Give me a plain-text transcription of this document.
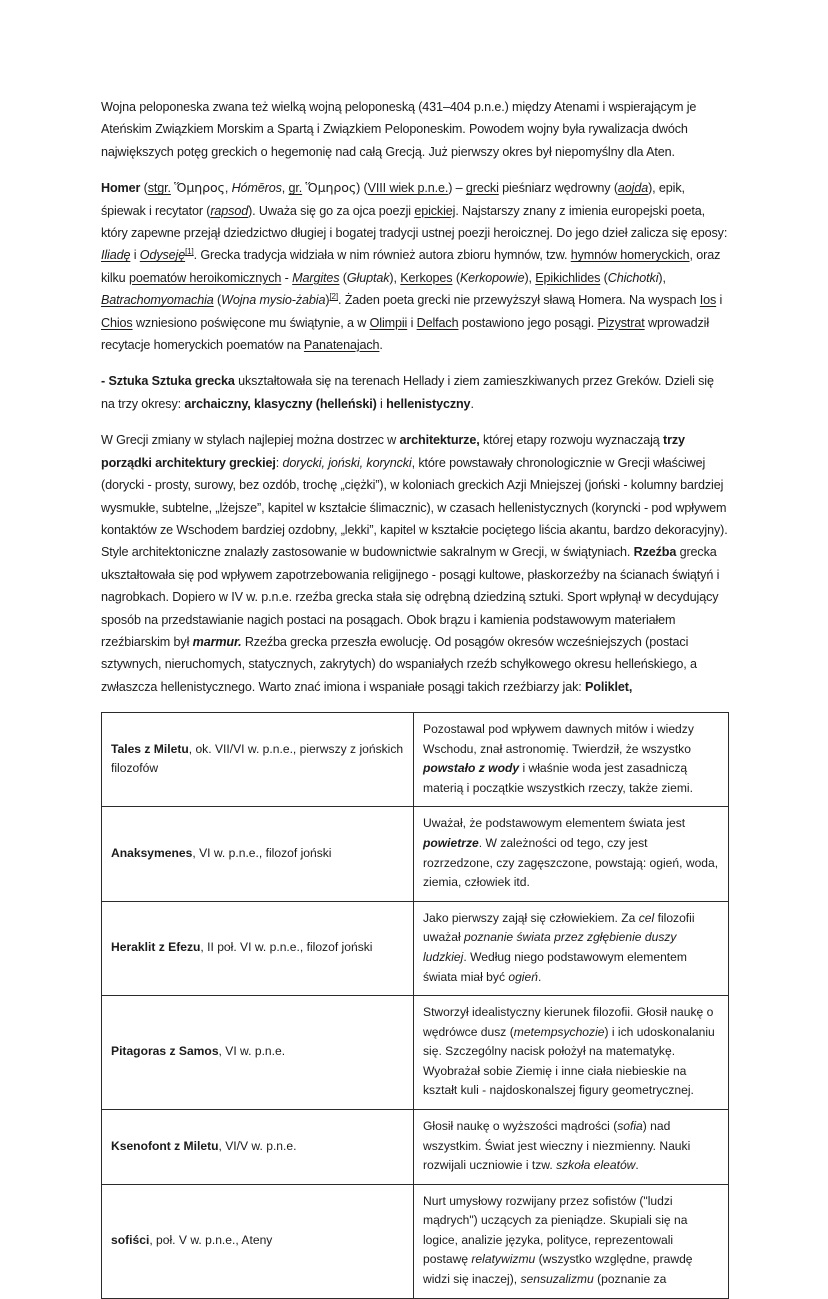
Wojna peloponeska zwana też wielką wojną peloponeską (431–404 p.n.e.) między Atenami i wspierającym je Ateńskim Związkiem Morskim a Spartą i Związkiem Peloponeskim. Powodem wojny była rywalizacja dwóch największych potęg greckich o hegemonię nad całą Grecją. Już pierwszy okres był niepomyślny dla Aten.

Homer (stgr. Ὅμηρος, Hómēros, gr. Ὅμηρος) (VIII wiek p.n.e.) – grecki pieśniarz wędrowny (aojda), epik, śpiewak i recytator (rapsod). Uważa się go za ojca poezji epickiej. Najstarszy znany z imienia europejski poeta, który zapewne przejął dziedzictwo długiej i bogatej tradycji ustnej poezji heroicznej. Do jego dzieł zalicza się eposy: Iliadę i Odyseję[1]. Grecka tradycja widziała w nim również autora zbioru hymnów, tzw. hymnów homeryckich, oraz kilku poematów heroikomicznych - Margites (Głuptak), Kerkopes (Kerkopowie), Epikichlides (Chichotki), Batrachomyomachia (Wojna mysio-żabia)[2]. Żaden poeta grecki nie przewyższył sławą Homera. Na wyspach Ios i Chios wzniesiono poświęcone mu świątynie, a w Olimpii i Delfach postawiono jego posągi. Pizystrat wprowadził recytacje homeryckich poematów na Panatenajach.

- Sztuka Sztuka grecka ukształtowała się na terenach Hellady i ziem zamieszkiwanych przez Greków. Dzieli się na trzy okresy: archaiczny, klasyczny (helleński) i hellenistyczny.

W Grecji zmiany w stylach najlepiej można dostrzec w architekturze, której etapy rozwoju wyznaczają trzy porządki architektury greckiej: dorycki, joński, koryncki, które powstawały chronologicznie w Grecji właściwej (dorycki - prosty, surowy, bez ozdób, trochę „ciężki”), w koloniach greckich Azji Mniejszej (joński - kolumny bardziej wysmukłe, subtelne, „lżejsze”, kapitel w kształcie ślimacznic), w czasach hellenistycznych (koryncki - pod wpływem kontaktów ze Wschodem bardziej ozdobny, „lekki”, kapitel w kształcie pociętego liścia akantu, bardzo dekoracyjny). Style architektoniczne znalazły zastosowanie w budownictwie sakralnym w Grecji, w świątyniach. Rzeźba grecka ukształtowała się pod wpływem zapotrzebowania religijnego - posągi kultowe, płaskorzeźby na ścianach świątyń i nagrobkach. Dopiero w IV w. p.n.e. rzeźba grecka stała się odrębną dziedziną sztuki. Sport wpłynął w decydujący sposób na przedstawianie nagich postaci na posągach. Obok brązu i kamienia podstawowym materiałem rzeźbiarskim był marmur. Rzeźba grecka przeszła ewolucję. Od posągów okresów wcześniejszych (postaci sztywnych, nieruchomych, statycznych, zakrytych) do wspaniałych rzeźb schyłkowego okresu helleńskiego, a zwłaszcza hellenistycznego. Warto znać imiona i wspaniałe posągi takich rzeźbiarzy jak: Poliklet,

Tales z Miletu, ok. VII/VI w. p.n.e., pierwszy z jońskich filozofów	Pozostawal pod wpływem dawnych mitów i wiedzy Wschodu, znał astronomię. Twierdził, że wszystko powstało z wody i właśnie woda jest zasadniczą materią i początkie wszystkich rzeczy, także ziemi.
Anaksymenes, VI w. p.n.e., filozof joński	Uważał, że podstawowym elementem świata jest powietrze. W zależności od tego, czy jest rozrzedzone, czy zagęszczone, powstają: ogień, woda, ziemia, człowiek itd.
Heraklit z Efezu, II poł. VI w. p.n.e., filozof joński	Jako pierwszy zajął się człowiekiem. Za cel filozofii uważał poznanie świata przez zgłębienie duszy ludzkiej. Według niego podstawowym elementem świata miał być ogień.
Pitagoras z Samos, VI w. p.n.e.	Stworzył idealistyczny kierunek filozofii. Głosił naukę o wędrówce dusz (metempsychozie) i ich udoskonalaniu się. Szczególny nacisk położył na matematykę. Wyobrażał sobie Ziemię i inne ciała niebieskie na kształt kuli - najdoskonalszej figury geometrycznej.
Ksenofont z Miletu, VI/V w. p.n.e.	Głosił naukę o wyższości mądrości (sofia) nad wszystkim. Świat jest wieczny i niezmienny. Nauki rozwijali uczniowie i tzw. szkoła eleatów.
sofiści, poł. V w. p.n.e., Ateny	Nurt umysłowy rozwijany przez sofistów ("ludzi mądrych") uczących za pieniądze. Skupiali się na logice, analizie języka, polityce, reprezentowali postawę relatywizmu (wszystko względne, prawdę widzi się inaczej), sensuzalizmu (poznanie za
